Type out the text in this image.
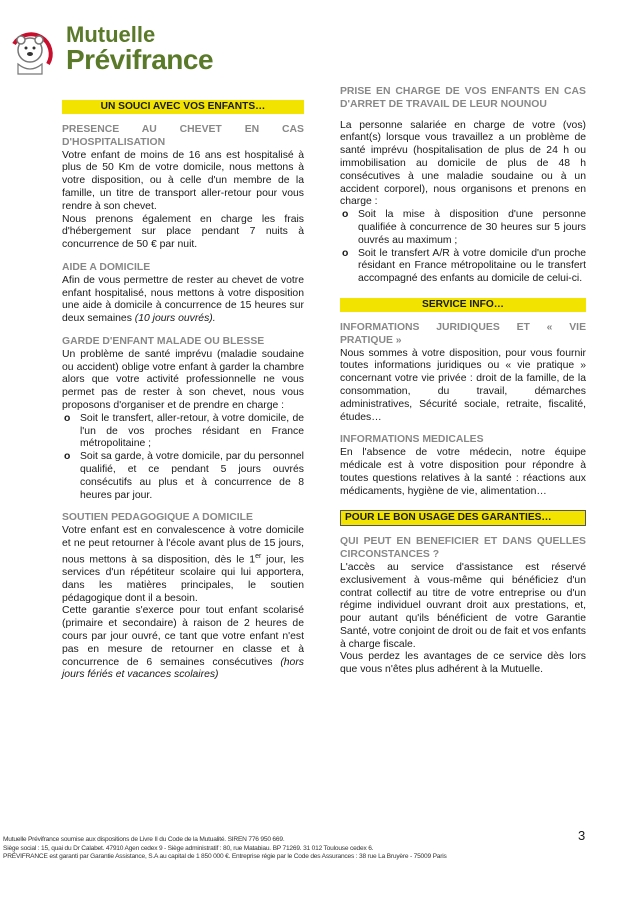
Mutuelle
Prévifrance
UN SOUCI AVEC VOS ENFANTS…
PRESENCE AU CHEVET EN CAS D'HOSPITALISATION

Votre enfant de moins de 16 ans est hospitalisé à plus de 50 Km de votre domicile, nous mettons à votre disposition, ou à celle d'un membre de la famille, un titre de transport aller-retour pour vous rendre à son chevet.

Nous prenons également en charge les frais d'hébergement sur place pendant 7 nuits à concurrence de 50 € par nuit.

AIDE A DOMICILE

Afin de vous permettre de rester au chevet de votre enfant hospitalisé, nous mettons à votre disposition une aide à domicile à concurrence de 15 heures sur deux semaines (10 jours ouvrés).

GARDE D'ENFANT MALADE OU BLESSE

Un problème de santé imprévu (maladie soudaine ou accident) oblige votre enfant à garder la chambre alors que votre activité professionnelle ne vous permet pas de rester à son chevet, nous vous proposons d'organiser et de prendre en charge :

o Soit le transfert, aller-retour, à votre domicile, de l'un de vos proches résidant en France métropolitaine ;
o Soit sa garde, à votre domicile, par du personnel qualifié, et ce pendant 5 jours ouvrés consécutifs au plus et à concurrence de 8 heures par jour.
SOUTIEN PEDAGOGIQUE A DOMICILE

Votre enfant est en convalescence à votre domicile et ne peut retourner à l'école avant plus de 15 jours, nous mettons à sa disposition, dès le 1er jour, les services d'un répétiteur scolaire qui lui apportera, dans les matières principales, le soutien pédagogique dont il a besoin.

Cette garantie s'exerce pour tout enfant scolarisé (primaire et secondaire) à raison de 2 heures de cours par jour ouvré, ce tant que votre enfant n'est pas en mesure de retourner en classe et à concurrence de 6 semaines consécutives (hors jours fériés et vacances scolaires)

PRISE EN CHARGE DE VOS ENFANTS EN CAS D'ARRET DE TRAVAIL DE LEUR NOUNOU

La personne salariée en charge de votre (vos) enfant(s) lorsque vous travaillez a un problème de santé imprévu (hospitalisation de plus de 24 h ou immobilisation au domicile de plus de 48 h consécutives à une maladie soudaine ou à un accident corporel), nous organisons et prenons en charge :

o Soit la mise à disposition d'une personne qualifiée à concurrence de 30 heures sur 5 jours ouvrés au maximum ;
o Soit le transfert A/R à votre domicile d'un proche résidant en France métropolitaine ou le transfert accompagné des enfants au domicile de celui-ci.
SERVICE INFO…
INFORMATIONS JURIDIQUES ET « VIE PRATIQUE »

Nous sommes à votre disposition, pour vous fournir toutes informations juridiques ou « vie pratique » concernant votre vie privée : droit de la famille, de la consommation, du travail, démarches administratives, Sécurité sociale, retraite, fiscalité, études…

INFORMATIONS MEDICALES

En l'absence de votre médecin, notre équipe médicale est à votre disposition pour répondre à toutes questions relatives à la santé : réactions aux médicaments, hygiène de vie, alimentation…

POUR LE BON USAGE DES GARANTIES…
QUI PEUT EN BENEFICIER ET DANS QUELLES CIRCONSTANCES ?

L'accès au service d'assistance est réservé exclusivement à vous-même qui bénéficiez d'un contrat collectif au titre de votre entreprise ou d'un régime individuel ouvrant droit aux prestations, et, pour autant qu'ils bénéficient de votre Garantie Santé, votre conjoint de droit ou de fait et vos enfants à charge fiscale.

Vous perdez les avantages de ce service dès lors que vous n'êtes plus adhérent à la Mutuelle.

3
Mutuelle Prévifrance soumise aux dispositions de Livre II du Code de la Mutualité. SIREN 776 950 669.
Siège social : 15, quai du Dr Calabet. 47910 Agen cedex 9 - Siège administratif : 80, rue Matabiau. BP 71269. 31 012 Toulouse cedex 6.
PRÉVIFRANCE est garanti par Garantie Assistance, S.A au capital de 1 850 000 €. Entreprise régie par le Code des Assurances : 38 rue La Bruyère - 75009 Paris
